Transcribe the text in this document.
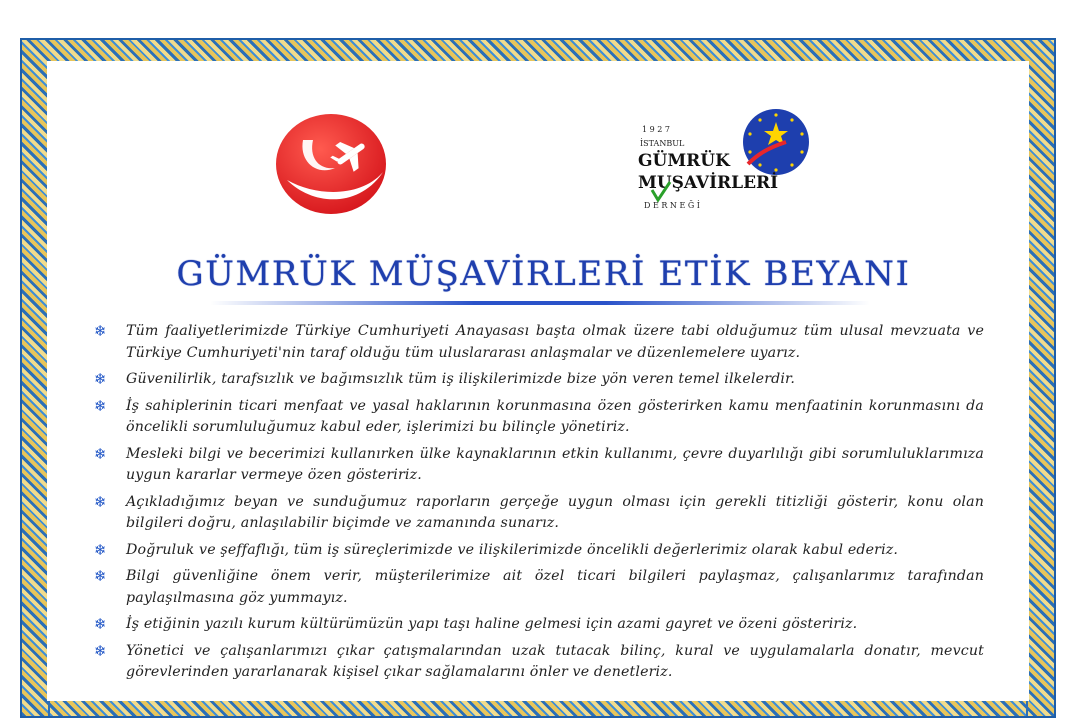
1 9 2 7
İSTANBUL
GÜMRÜK
MUŞAVİRLERİ
D E R N E Ğ İ
GÜMRÜK MÜŞAVİRLERİ ETİK BEYANI
❄ Tüm faaliyetlerimizde Türkiye Cumhuriyeti Anayasası başta olmak üzere tabi olduğumuz tüm ulusal mevzuata ve Türkiye Cumhuriyeti'nin taraf olduğu tüm uluslararası anlaşmalar ve düzenlemelere uyarız.
❄ Güvenilirlik, tarafsızlık ve bağımsızlık tüm iş ilişkilerimizde bize yön veren temel ilkelerdir.
❄ İş sahiplerinin ticari menfaat ve yasal haklarının korunmasına özen gösterirken kamu menfaatinin korunmasını da öncelikli sorumluluğumuz kabul eder, işlerimizi bu bilinçle yönetiriz.
❄ Mesleki bilgi ve becerimizi kullanırken ülke kaynaklarının etkin kullanımı, çevre duyarlılığı gibi sorumluluklarımıza uygun kararlar vermeye özen gösteririz.
❄ Açıkladığımız beyan ve sunduğumuz raporların gerçeğe uygun olması için gerekli titizliği gösterir, konu olan bilgileri doğru, anlaşılabilir biçimde ve zamanında sunarız.
❄ Doğruluk ve şeffaflığı, tüm iş süreçlerimizde ve ilişkilerimizde öncelikli değerlerimiz olarak kabul ederiz.
❄ Bilgi güvenliğine önem verir, müşterilerimize ait özel ticari bilgileri paylaşmaz, çalışanlarımız tarafından paylaşılmasına göz yummayız.
❄ İş etiğinin yazılı kurum kültürümüzün yapı taşı haline gelmesi için azami gayret ve özeni gösteririz.
❄ Yönetici ve çalışanlarımızı çıkar çatışmalarından uzak tutacak bilinç, kural ve uygulamalarla donatır, mevcut görevlerinden yararlanarak kişisel çıkar sağlamalarını önler ve denetleriz.
